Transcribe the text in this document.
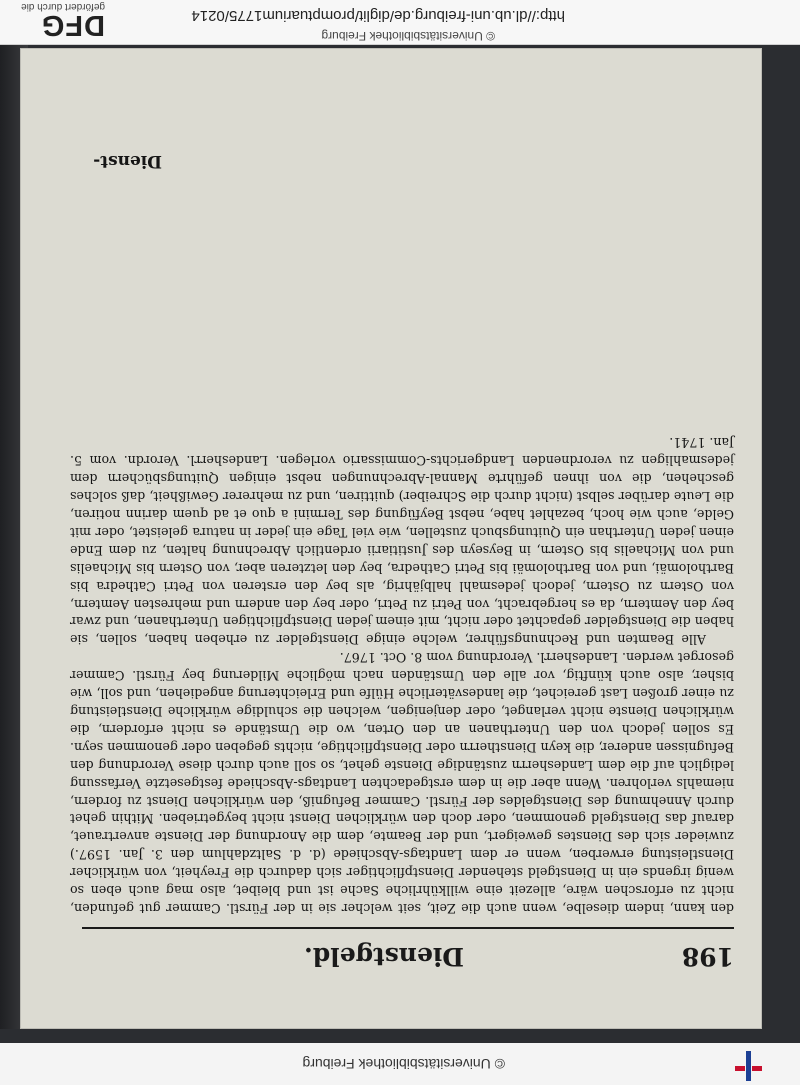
© Universitätsbibliothek Freiburg
198
Dienstgeld.

den kann, indem dieselbe, wenn auch die Zeit, seit welcher sie in der Fürstl. Cammer gut gefunden, nicht zu erforschen wäre, allezeit eine willkührliche Sache ist und bleibet, also mag auch eben so wenig irgends ein in Dienstgeld stehender Dienstpflichtiger sich dadurch die Freyheit, von würklicher Dienstleistung erwerben, wenn er dem Landtags-Abschiede (d. d. Saltzdahlum den 3. Jan. 1597.) zuwieder sich des Dienstes geweigert, und der Beamte, dem die Anordnung der Dienste anvertrauet, darauf das Dienstgeld genommen, oder doch den würklichen Dienst nicht beygetrieben. Mithin gehet durch Annehmung des Dienstgeldes der Fürstl. Cammer Befugniß, den würklichen Dienst zu fordern, niemahls verlohren. Wenn aber die in dem erstgedachten Landtags-Abschiede festgesetzte Verfassung lediglich auf die dem Landesherrn zuständige Dienste gehet, so soll auch durch diese Verordnung den Befugnissen anderer, die keyn Dienstherrn oder Dienstpflichtige, nichts gegeben oder genommen seyn. Es sollen jedoch von den Unterthanen an den Orten, wo die Umstände es nicht erfordern, die würklichen Dienste nicht verlanget, oder denjenigen, welchen die schuldige würkliche Dienstleistung zu einer großen Last gereichet, die landesväterliche Hülfe und Erleichterung angediehen, und soll, wie bisher, also auch künftig, vor alle den Umständen nach mögliche Milderung bey Fürstl. Cammer gesorget werden. Landesherrl. Verordnung vom 8. Oct. 1767.

Alle Beamten und Rechnungsführer, welche einige Dienstgelder zu erheben haben, sollen, sie haben die Dienstgelder gepachtet oder nicht, mit einem jeden Dienstpflichtigen Unterthanen, und zwar bey den Aemtern, da es hergebracht, von Petri zu Petri, oder bey den andern und mehresten Aemtern, von Ostern zu Ostern, jedoch jedesmahl halbjährig, als bey den ersteren von Petri Cathedra bis Bartholomäi, und von Bartholomäi bis Petri Cathedra, bey den letzteren aber, von Ostern bis Michaelis und von Michaelis bis Ostern, in Beyseyn des Justitiarii ordentlich Abrechnung halten, zu dem Ende einen jeden Unterthan ein Quitungsbuch zustellen, wie viel Tage ein jeder in natura geleistet, oder mit Gelde, auch wie hoch, bezahlet habe, nebst Beyfügung des Termini a quo et ad quem darinn notiren, die Leute darüber selbst (nicht durch die Schreiber) quittiren, und zu mehrerer Gewißheit, daß solches geschehen, die von ihnen geführte Mannal-Abrechnungen nebst einigen Quitungsbüchern dem jedesmahligen zu verordnenden Landgerichts-Commissario vorlegen. Landesherrl. Verordn. vom 5. Jan. 1741.

Dienst-
© Universitätsbibliothek Freiburg
http://dl.ub.uni-freiburg.de/diglit/promptuarium1775/0214
DFG
gefördert durch die
